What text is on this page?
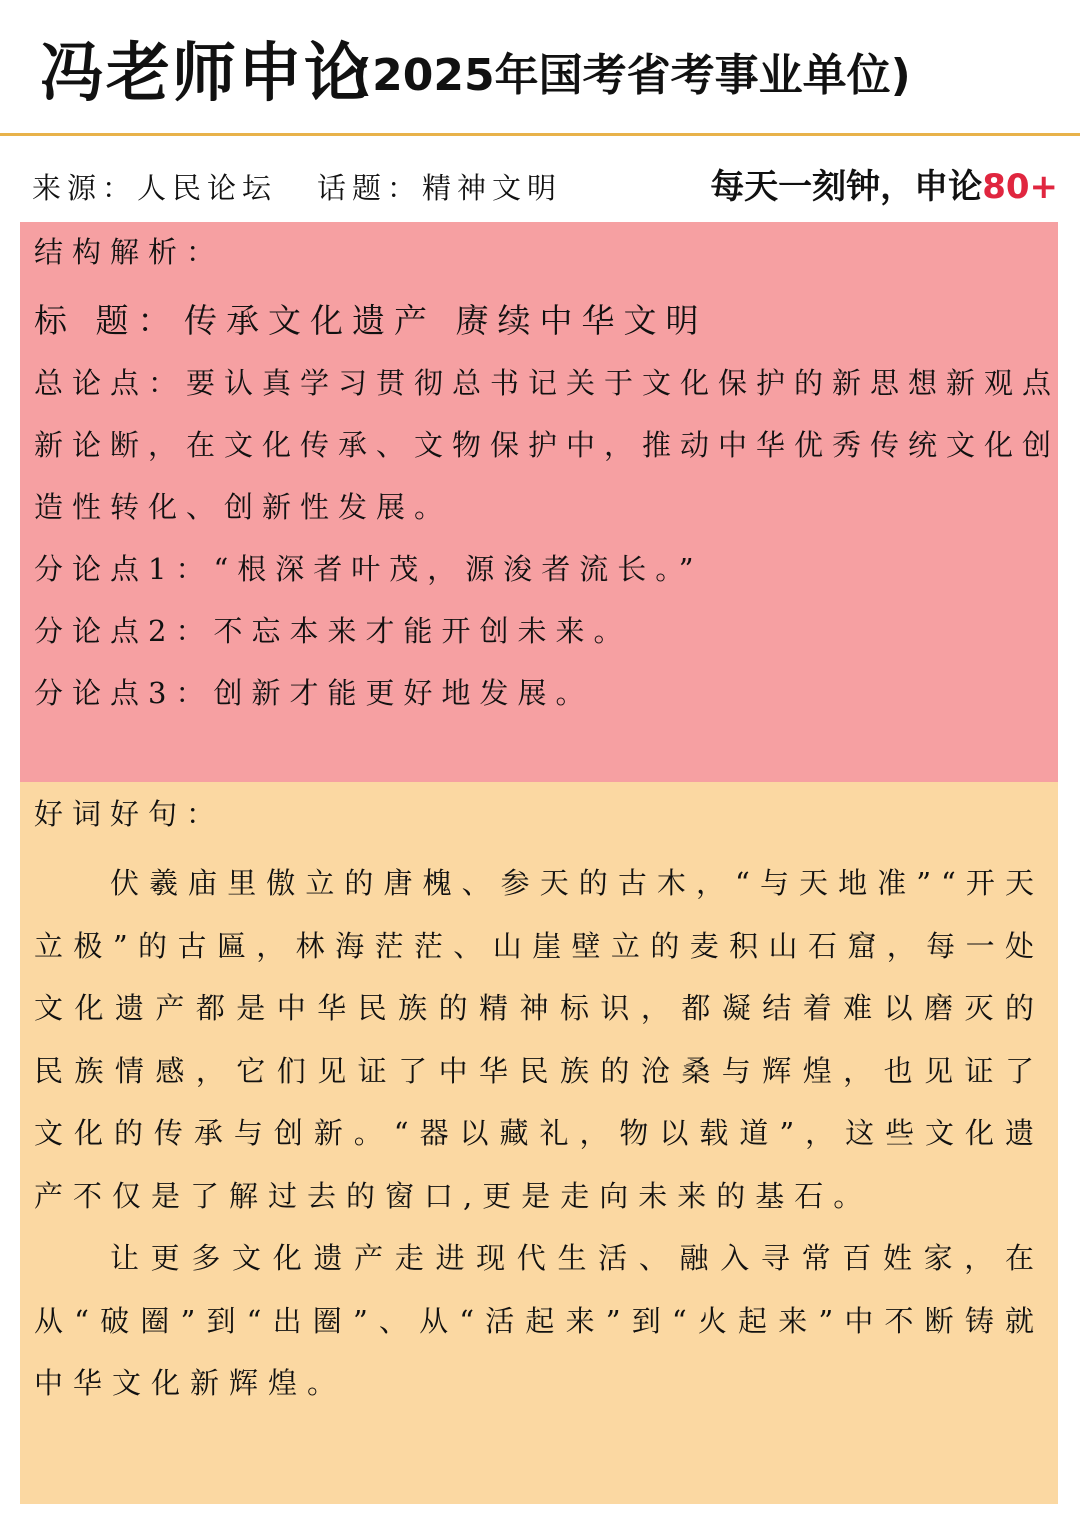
冯老师申论
(2025年国考省考事业单位)
来源：人民论坛 话题：精神文明	每天一刻钟，申论80+
结构解析：
标 题： 传承文化遗产 赓续中华文明
总论点：要认真学习贯彻总书记关于文化保护的新思想新观点
新论断，在文化传承、文物保护中，推动中华优秀传统文化创
造性转化、创新性发展。
分论点1：“根深者叶茂，源浚者流长。”
分论点2：不忘本来才能开创未来。
分论点3：创新才能更好地发展。
好词好句：

伏羲庙里傲立的唐槐、参天的古木，“与天地准”“开天立极”的古匾，林海茫茫、山崖壁立的麦积山石窟，每一处文化遗产都是中华民族的精神标识，都凝结着难以磨灭的民族情感，它们见证了中华民族的沧桑与辉煌，也见证了文化的传承与创新。“器以藏礼，物以载道”，这些文化遗产不仅是了解过去的窗口,更是走向未来的基石。

让更多文化遗产走进现代生活、融入寻常百姓家，在从“破圈”到“出圈”、从“活起来”到“火起来”中不断铸就中华文化新辉煌。
